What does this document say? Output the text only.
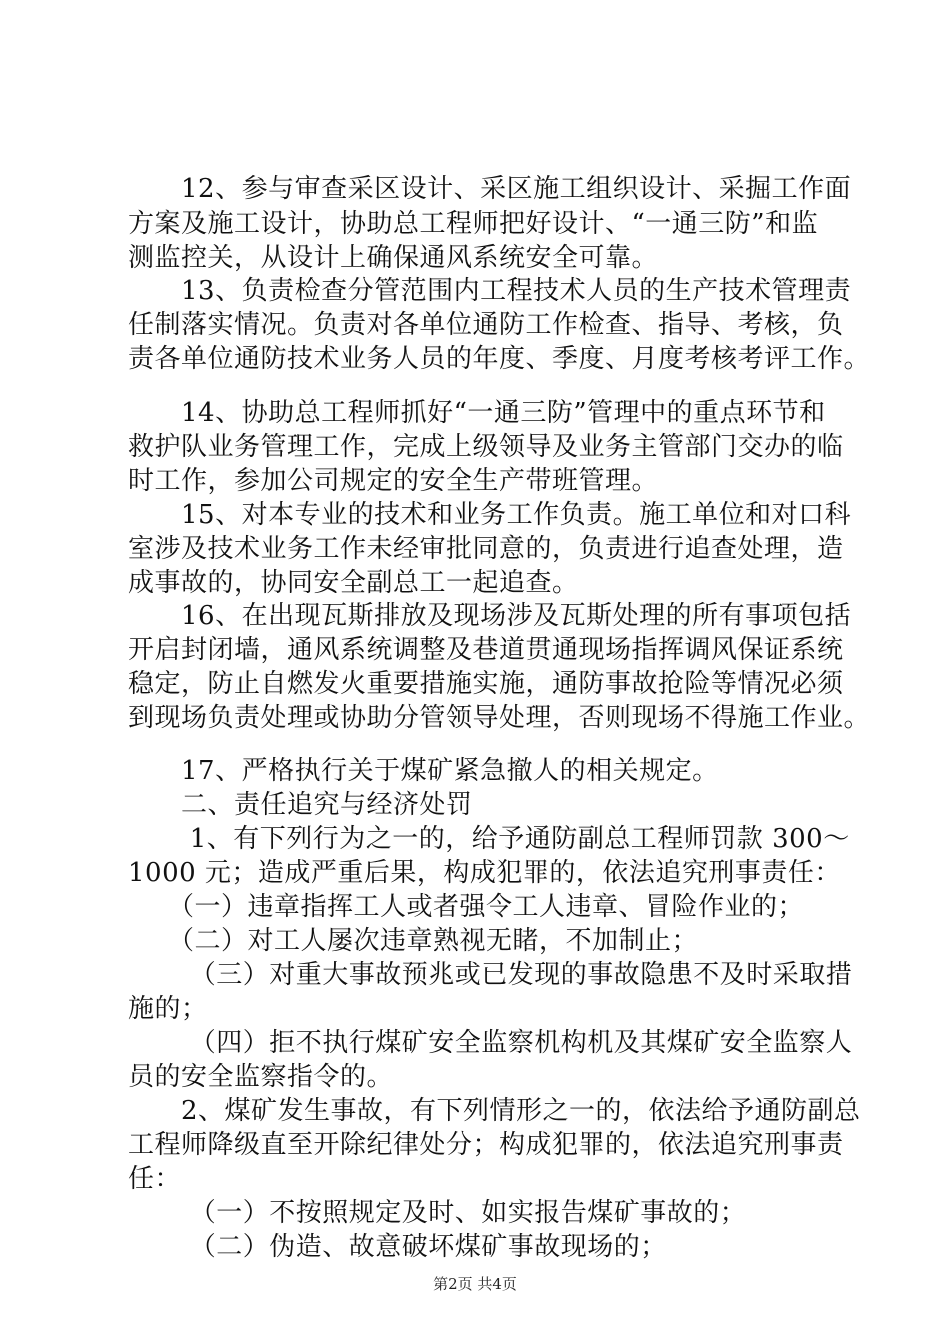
　　12、参与审查采区设计、采区施工组织设计、采掘工作面
方案及施工设计，协助总工程师把好设计、“一通三防”和监
测监控关，从设计上确保通风系统安全可靠。
　　13、负责检查分管范围内工程技术人员的生产技术管理责
任制落实情况。负责对各单位通防工作检查、指导、考核，负
责各单位通防技术业务人员的年度、季度、月度考核考评工作。
　　14、协助总工程师抓好“一通三防”管理中的重点环节和
救护队业务管理工作，完成上级领导及业务主管部门交办的临
时工作，参加公司规定的安全生产带班管理。
　　15、对本专业的技术和业务工作负责。施工单位和对口科
室涉及技术业务工作未经审批同意的，负责进行追查处理，造
成事故的，协同安全副总工一起追查。
　　16、在出现瓦斯排放及现场涉及瓦斯处理的所有事项包括
开启封闭墙，通风系统调整及巷道贯通现场指挥调风保证系统
稳定，防止自燃发火重要措施实施，通防事故抢险等情况必须
到现场负责处理或协助分管领导处理，否则现场不得施工作业。
　　17、严格执行关于煤矿紧急撤人的相关规定。
　　二、责任追究与经济处罚
　　 1、有下列行为之一的，给予通防副总工程师罚款 300～
1000 元；造成严重后果，构成犯罪的，依法追究刑事责任：
　　（一）违章指挥工人或者强令工人违章、冒险作业的；
　　（二）对工人屡次违章熟视无睹，不加制止；
　　 （三）对重大事故预兆或已发现的事故隐患不及时采取措
施的；
　　 （四）拒不执行煤矿安全监察机构机及其煤矿安全监察人
员的安全监察指令的。
　　2、煤矿发生事故，有下列情形之一的，依法给予通防副总
工程师降级直至开除纪律处分；构成犯罪的，依法追究刑事责
任：
　　 （一）不按照规定及时、如实报告煤矿事故的；
　　 （二）伪造、故意破坏煤矿事故现场的；
第2页 共4页
